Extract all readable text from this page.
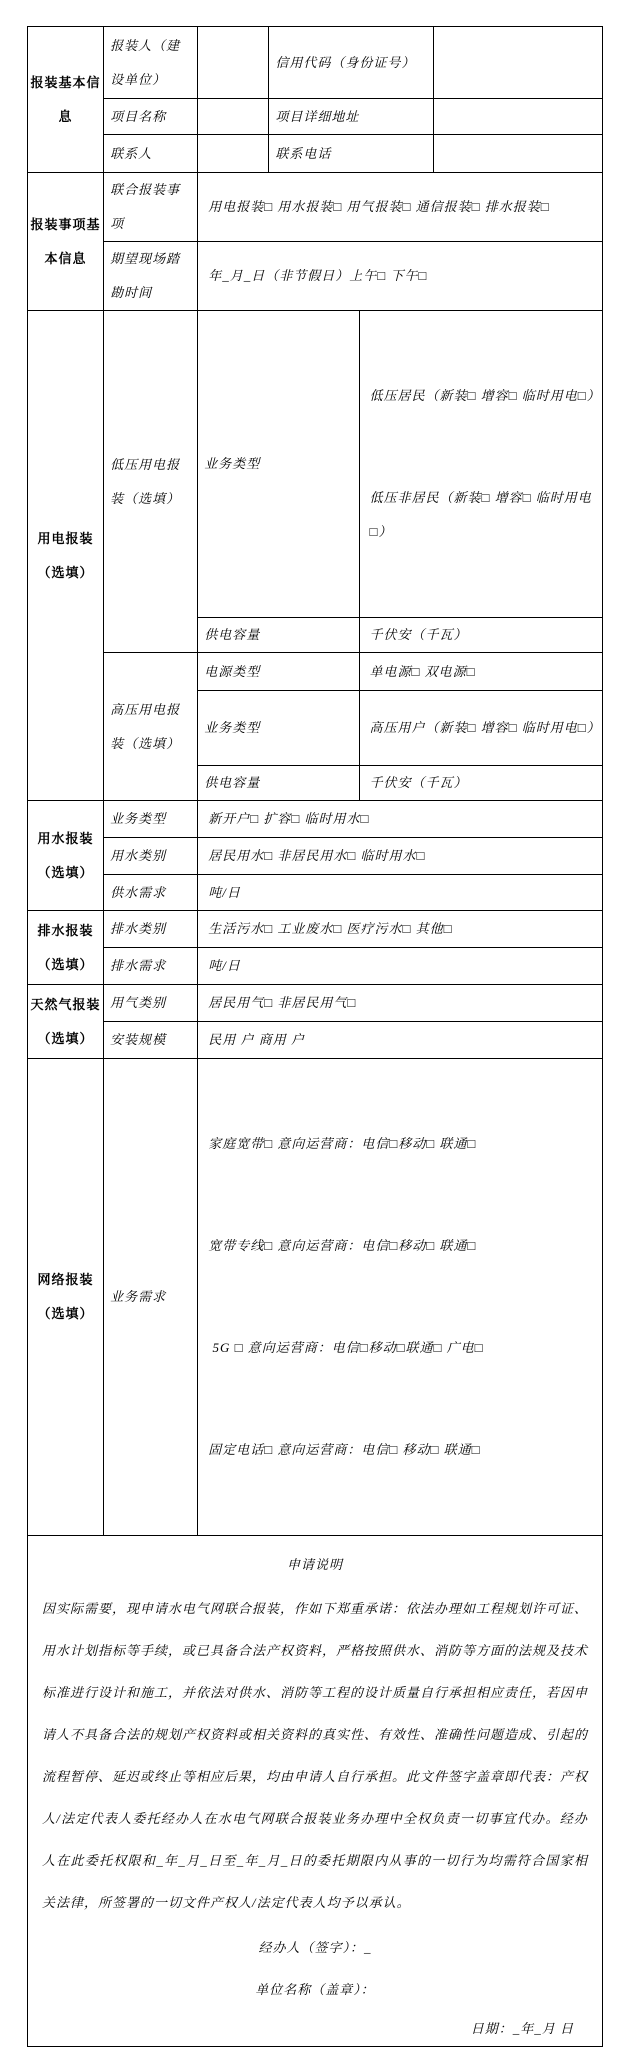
报装基本信息	报装人（建设单位）		信用代码（身份证号）		
	项目名称		项目详细地址		
	联系人		联系电话		
报装事项基本信息	联合报装事项	用电报装□ 用水报装□ 用气报装□ 通信报装□ 排水报装□			
	期望现场踏勘时间	年_月_日（非节假日）上午□ 下午□			
用电报装（选填）	低压用电报装（选填）	业务类型		低压居民（新装□ 增容□ 临时用电□）

低压非居民（新装□ 增容□ 临时用电□）	

		供电容量		千伏安（千瓦）	
	高压用电报装（选填）	电源类型		单电源□ 双电源□	
		业务类型		高压用户（新装□ 增容□ 临时用电□）	
		供电容量		千伏安（千瓦）	
用水报装（选填）	业务类型	新开户□ 扩容□ 临时用水□			
	用水类别	居民用水□ 非居民用水□ 临时用水□			
	供水需求	吨/日			
排水报装（选填）	排水类别	生活污水□ 工业废水□ 医疗污水□ 其他□			
	排水需求	吨/日			
天然气报装（选填）	用气类别	居民用气□ 非居民用气□			
	安装规模	民用 户 商用 户			
网络报装（选填）	业务需求	家庭宽带□ 意向运营商：电信□移动□ 联通□

宽带专线□ 意向运营商：电信□移动□ 联通□

5G □ 意向运营商：电信□移动□联通□ 广电□

固定电话□ 意向运营商：电信□ 移动□ 联通□			

申请说明
因实际需要，现申请水电气网联合报装，作如下郑重承诺：依法办理如工程规划许可证、用水计划指标等手续，或已具备合法产权资料，严格按照供水、消防等方面的法规及技术标准进行设计和施工，并依法对供水、消防等工程的设计质量自行承担相应责任，若因申请人不具备合法的规划产权资料或相关资料的真实性、有效性、准确性问题造成、引起的流程暂停、延迟或终止等相应后果，均由申请人自行承担。此文件签字盖章即代表：产权人/法定代表人委托经办人在水电气网联合报装业务办理中全权负责一切事宜代办。经办人在此委托权限和_年_月_日至_年_月_日的委托期限内从事的一切行为均需符合国家相关法律，所签署的一切文件产权人/法定代表人均予以承认。
经办人（签字）：_
单位名称（盖章）：
日期：_年_月 日					
